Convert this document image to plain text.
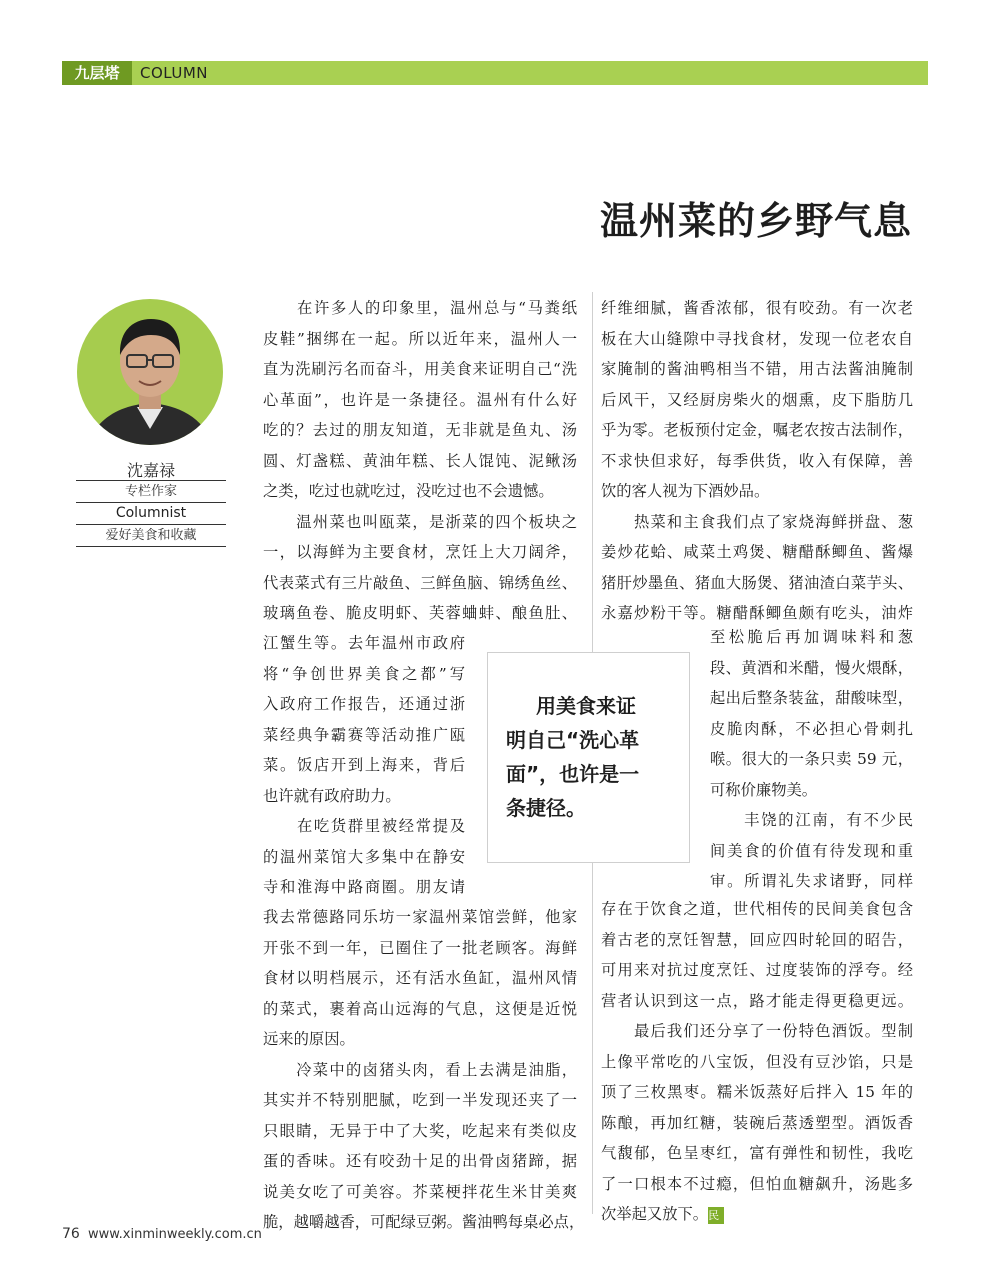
九层塔	COLUMN
温州菜的乡野气息
沈嘉禄
专栏作家
Columnist
爱好美食和收藏
　　在许多人的印象里，温州总与“马粪纸
皮鞋”捆绑在一起。所以近年来，温州人一
直为洗刷污名而奋斗，用美食来证明自己“洗
心革面”，也许是一条捷径。温州有什么好
吃的？去过的朋友知道，无非就是鱼丸、汤
圆、灯盏糕、黄油年糕、长人馄饨、泥鳅汤
之类，吃过也就吃过，没吃过也不会遗憾。
　　温州菜也叫瓯菜，是浙菜的四个板块之
一，以海鲜为主要食材，烹饪上大刀阔斧，
代表菜式有三片敲鱼、三鲜鱼脑、锦绣鱼丝、
玻璃鱼卷、脆皮明虾、芙蓉蛐蚌、酿鱼肚、
江蟹生等。去年温州市政府
将“争创世界美食之都”写
入政府工作报告，还通过浙
菜经典争霸赛等活动推广瓯
菜。饭店开到上海来，背后
也许就有政府助力。
　　在吃货群里被经常提及
的温州菜馆大多集中在静安
寺和淮海中路商圈。朋友请
我去常德路同乐坊一家温州菜馆尝鲜，他家
开张不到一年，已圈住了一批老顾客。海鲜
食材以明档展示，还有活水鱼缸，温州风情
的菜式，裹着高山远海的气息，这便是近悦
远来的原因。
　　冷菜中的卤猪头肉，看上去满是油脂，
其实并不特别肥腻，吃到一半发现还夹了一
只眼睛，无异于中了大奖，吃起来有类似皮
蛋的香味。还有咬劲十足的出骨卤猪蹄，据
说美女吃了可美容。芥菜梗拌花生米甘美爽
脆，越嚼越香，可配绿豆粥。酱油鸭每桌必点，
纤维细腻，酱香浓郁，很有咬劲。有一次老
板在大山缝隙中寻找食材，发现一位老农自
家腌制的酱油鸭相当不错，用古法酱油腌制
后风干，又经厨房柴火的烟熏，皮下脂肪几
乎为零。老板预付定金，嘱老农按古法制作，
不求快但求好，每季供货，收入有保障，善
饮的客人视为下酒妙品。
　　热菜和主食我们点了家烧海鲜拼盘、葱
姜炒花蛤、咸菜土鸡煲、糖醋酥鲫鱼、酱爆
猪肝炒墨鱼、猪血大肠煲、猪油渣白菜芋头、
永嘉炒粉干等。糖醋酥鲫鱼颇有吃头，油炸
至松脆后再加调味料和葱
段、黄酒和米醋，慢火煨酥，
起出后整条装盆，甜酸味型，
皮脆肉酥，不必担心骨刺扎
喉。很大的一条只卖 59 元，
可称价廉物美。
　　丰饶的江南，有不少民
间美食的价值有待发现和重
审。所谓礼失求诸野，同样
存在于饮食之道，世代相传的民间美食包含
着古老的烹饪智慧，回应四时轮回的昭告，
可用来对抗过度烹饪、过度装饰的浮夸。经
营者认识到这一点，路才能走得更稳更远。
　　最后我们还分享了一份特色酒饭。型制
上像平常吃的八宝饭，但没有豆沙馅，只是
顶了三枚黑枣。糯米饭蒸好后拌入 15 年的
陈酿，再加红糖，装碗后蒸透塑型。酒饭香
气馥郁，色呈枣红，富有弹性和韧性，我吃
了一口根本不过瘾，但怕血糖飙升，汤匙多
次举起又放下。民
用美食来证
明自己“洗心革
面”，也许是一
条捷径。
76 www.xinminweekly.com.cn
